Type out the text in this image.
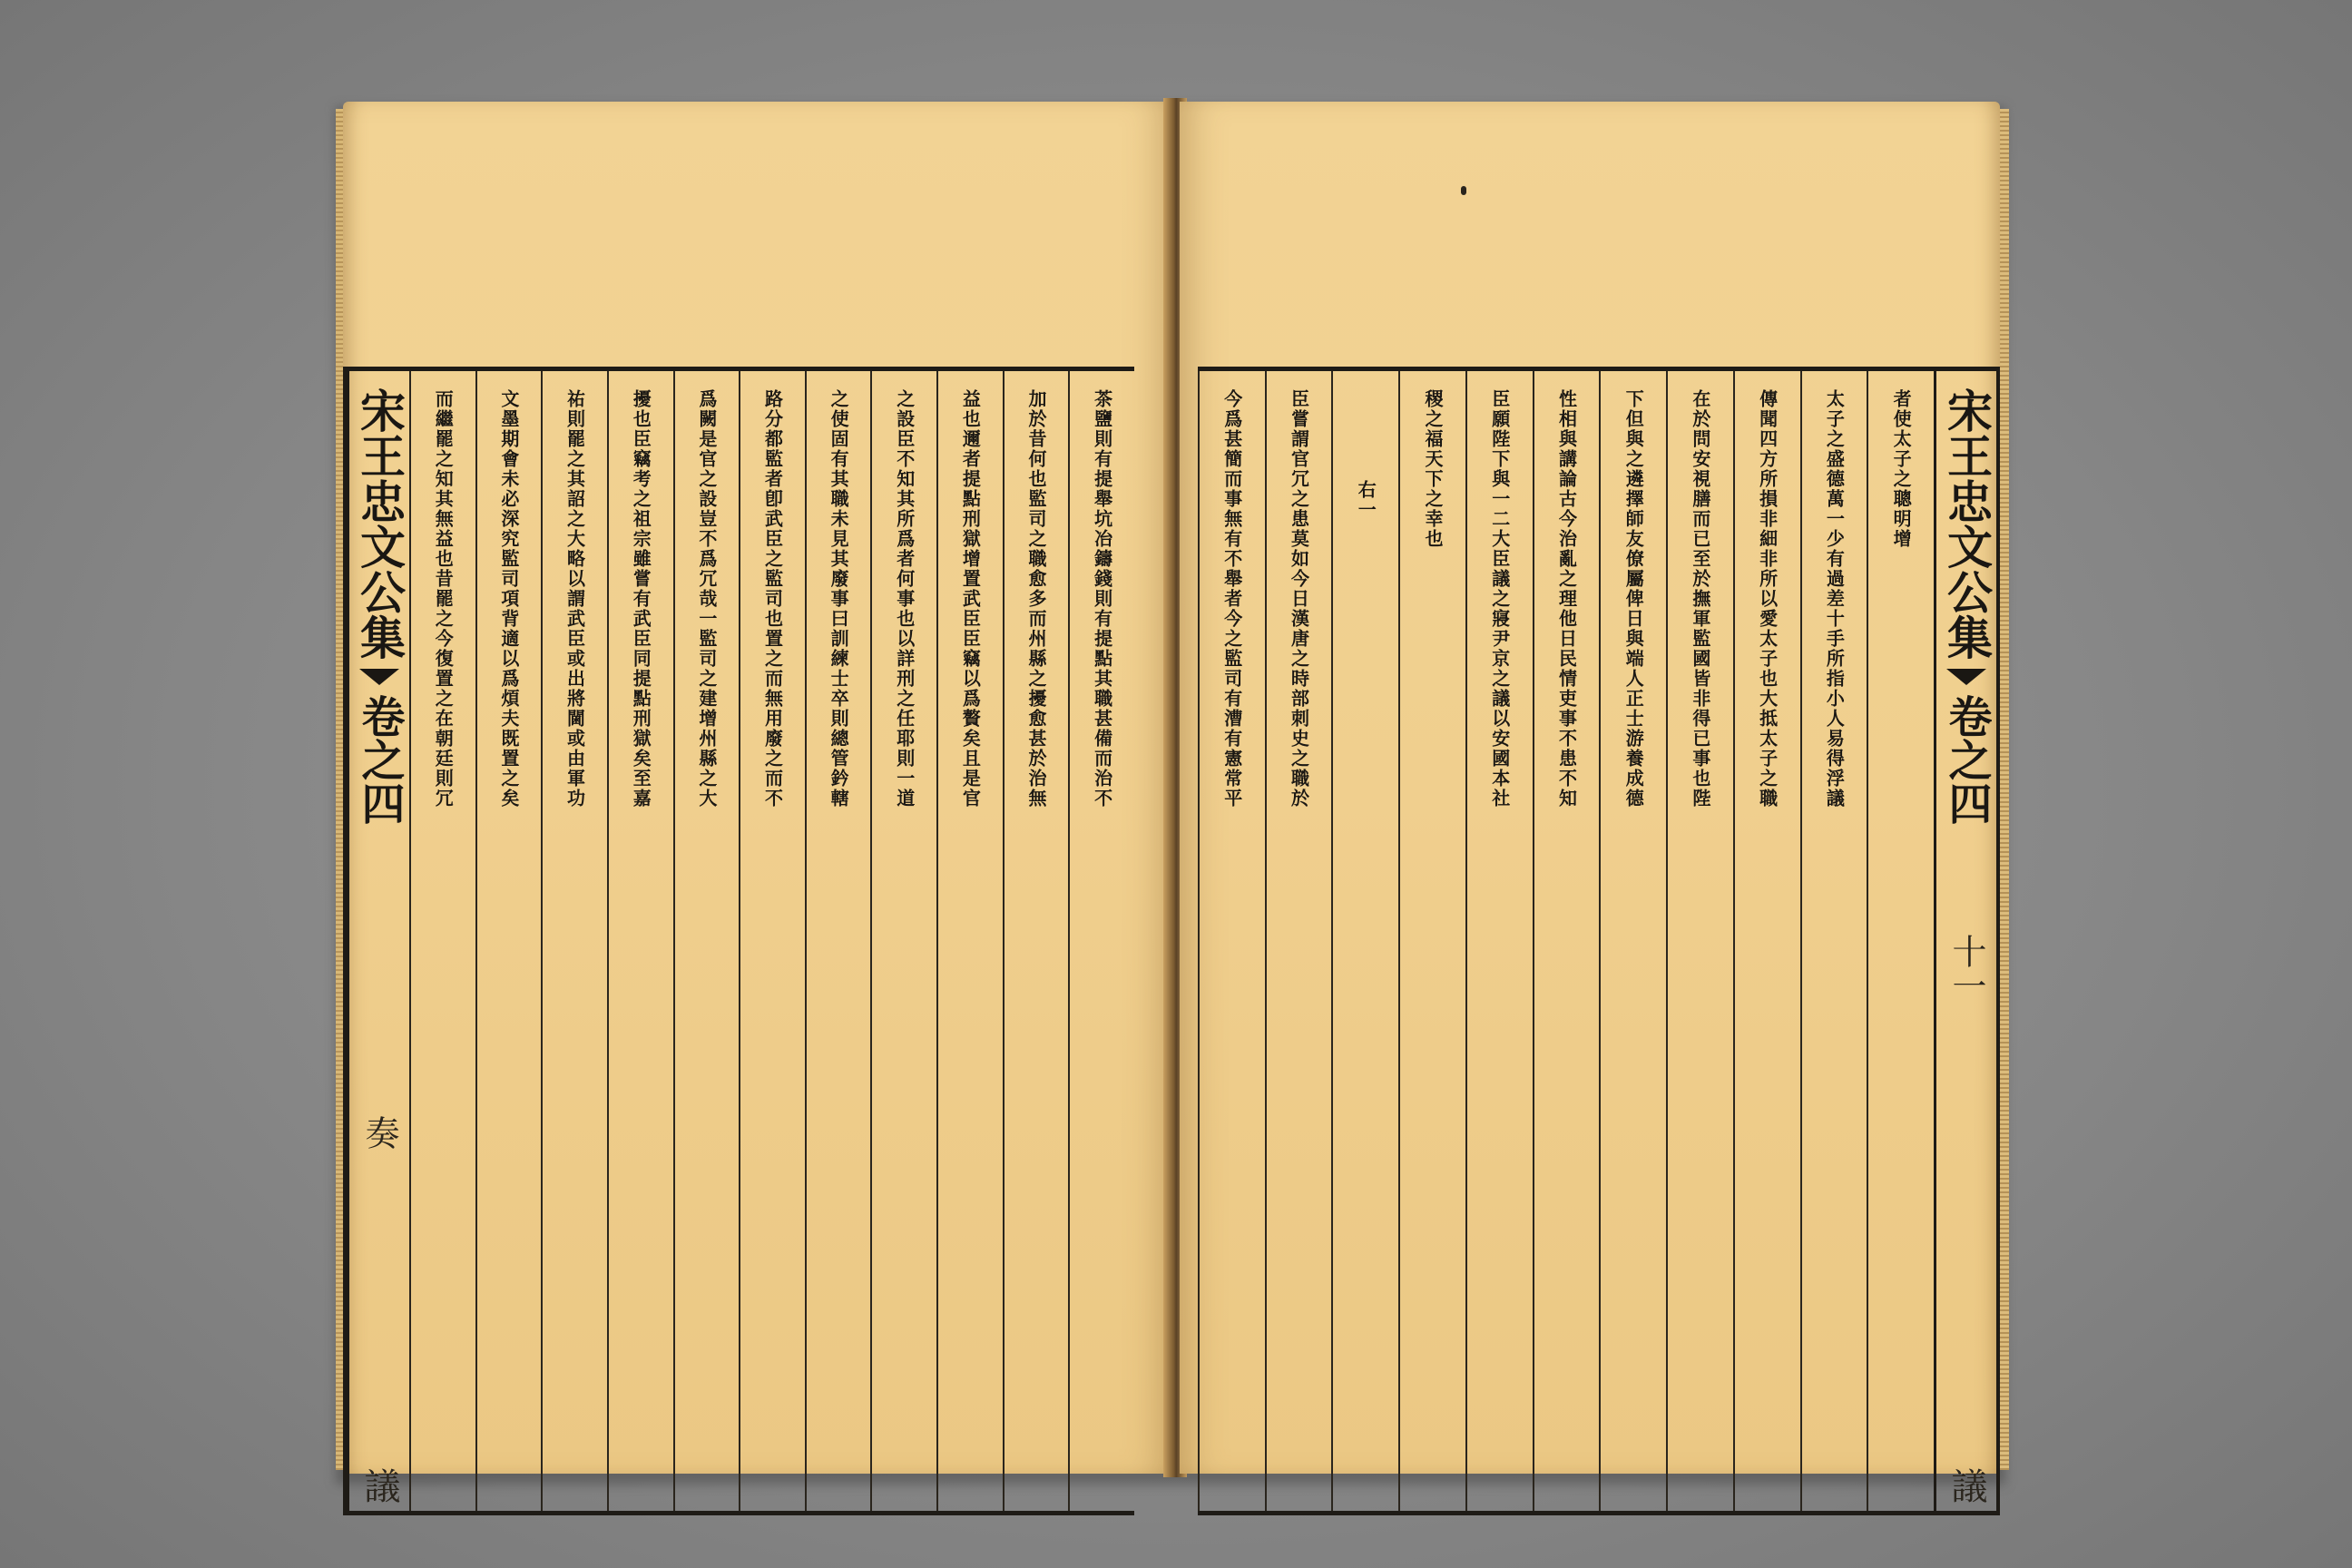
茶鹽則有提舉坑冶鑄錢則有提點其職甚備而治不
加於昔何也監司之職愈多而州縣之擾愈甚於治無
益也邇者提點刑獄增置武臣臣竊以爲贅矣且是官
之設臣不知其所爲者何事也以詳刑之任耶則一道
之使固有其職未見其廢事曰訓練士卒則總管鈐轄
路分都監者卽武臣之監司也置之而無用廢之而不
爲闕是官之設豈不爲冗哉一監司之建增州縣之大
擾也臣竊考之祖宗雖嘗有武臣同提點刑獄矣至嘉
祐則罷之其詔之大略以謂武臣或出將閫或由軍功
文墨期會未必深究監司項背適以爲煩夫既置之矣
而繼罷之知其無益也昔罷之今復置之在朝廷則冗
宋王忠文公集
卷之四
奏
議
宋王忠文公集
卷之四
十一
議
者使太子之聰明增
太子之盛德萬一少有過差十手所指小人易得浮議
傳聞四方所損非細非所以愛太子也大抵太子之職
在於問安視膳而已至於撫軍監國皆非得已事也陛
下但與之遴擇師友僚屬俾日與端人正士游養成德
性相與講論古今治亂之理他日民情吏事不患不知
臣願陛下與一二大臣議之寢尹京之議以安國本社
稷之福天下之幸也
右一
臣嘗謂官冗之患莫如今日漢唐之時部刺史之職於
今爲甚簡而事無有不舉者今之監司有漕有憲常平
